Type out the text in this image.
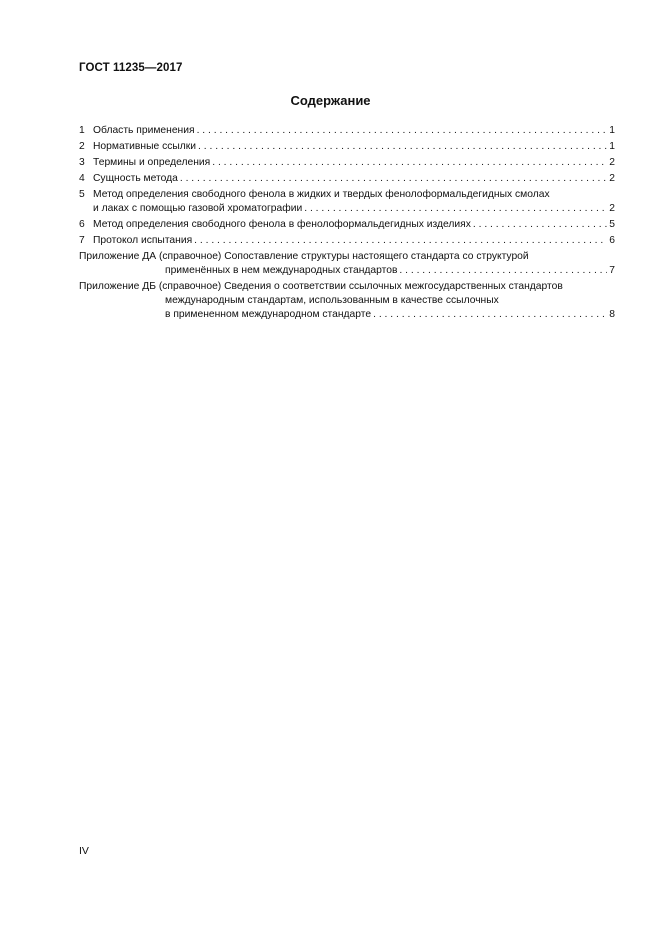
ГОСТ 11235—2017
Содержание
1 Область применения . . .	1
2 Нормативные ссылки . . .	1
3 Термины и определения . . .	2
4 Сущность метода . . .	2
5 Метод определения свободного фенола в жидких и твердых фенолоформальдегидных смолах
и лаках с помощью газовой хроматографии . . .	2
6 Метод определения свободного фенола в фенолоформальдегидных изделиях . . .	5
7 Протокол испытания . . .	6
Приложение ДА (справочное) Сопоставление структуры настоящего стандарта со структурой
применённых в нем международных стандартов . . .	7
Приложение ДБ (справочное) Сведения о соответствии ссылочных межгосударственных стандартов
международным стандартам, использованным в качестве ссылочных
в примененном международном стандарте . . .	8
IV
